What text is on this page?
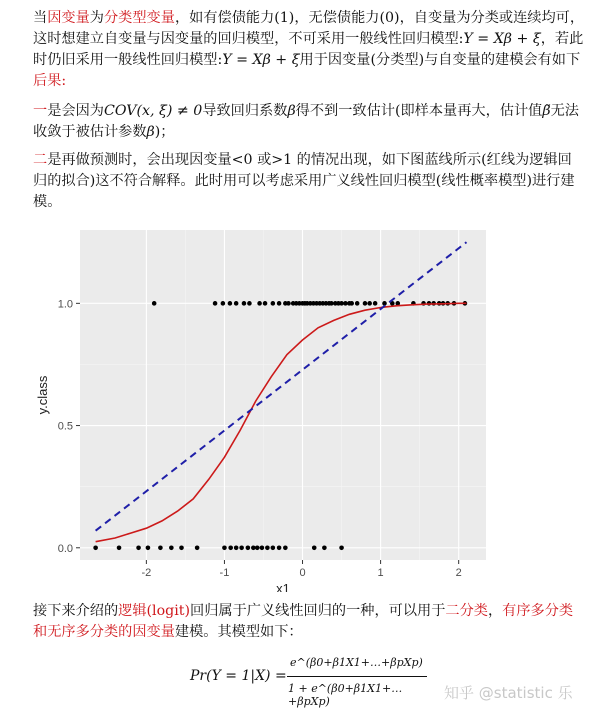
当因变量为分类型变量，如有偿债能力(1)，无偿债能力(0)，自变量为分类或连续均可，这时想建立自变量与因变量的回归模型，不可采用一般线性回归模型:Y = Xβ + ξ，若此时仍旧采用一般线性回归模型:Y = Xβ + ξ用于因变量(分类型)与自变量的建模会有如下后果:

一是会因为COV(x, ξ) ≠ 0导致回归系数β得不到一致估计(即样本量再大，估计值β̃无法收敛于被估计参数β)；

二是再做预测时，会出现因变量<0 或>1 的情况出现，如下图蓝线所示(红线为逻辑回归的拟合)这不符合解释。此时用可以考虑采用广义线性回归模型(线性概率模型)进行建模。

-2	-1	0	1	2
0.0
0.5
1.0
x1
y.class

接下来介绍的逻辑(logit)回归属于广义线性回归的一种，可以用于二分类，有序多分类和无序多分类的因变量建模。其模型如下：

Pr(Y = 1|X) =
e^(β0+β1X1+…+βpXp)
1 + e^(β0+β1X1+…+βpXp)	知乎 @statistic 乐
